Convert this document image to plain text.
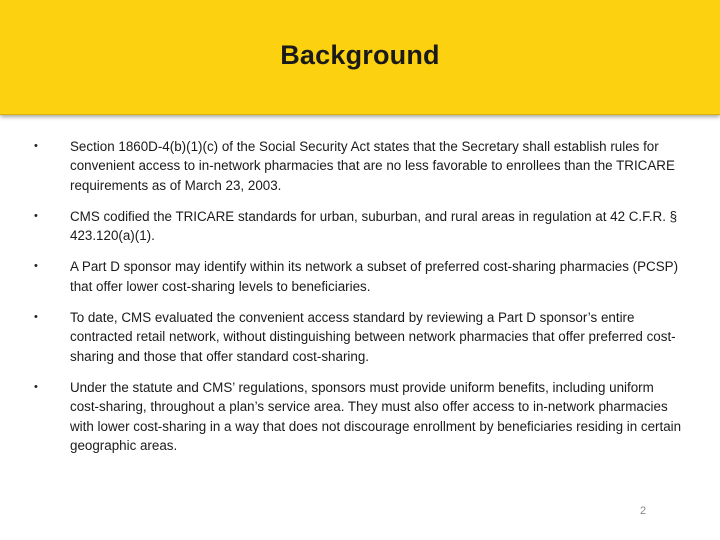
Background
• Section 1860D-4(b)(1)(c) of the Social Security Act states that the Secretary shall establish rules for convenient access to in-network pharmacies that are no less favorable to enrollees than the TRICARE requirements as of March 23, 2003.
• CMS codified the TRICARE standards for urban, suburban, and rural areas in regulation at 42 C.F.R. § 423.120(a)(1).
• A Part D sponsor may identify within its network a subset of preferred cost-sharing pharmacies (PCSP) that offer lower cost-sharing levels to beneficiaries.
• To date, CMS evaluated the convenient access standard by reviewing a Part D sponsor’s entire contracted retail network, without distinguishing between network pharmacies that offer preferred cost-sharing and those that offer standard cost-sharing.
• Under the statute and CMS’ regulations, sponsors must provide uniform benefits, including uniform cost-sharing, throughout a plan’s service area. They must also offer access to in-network pharmacies with lower cost-sharing in a way that does not discourage enrollment by beneficiaries residing in certain geographic areas.
2
